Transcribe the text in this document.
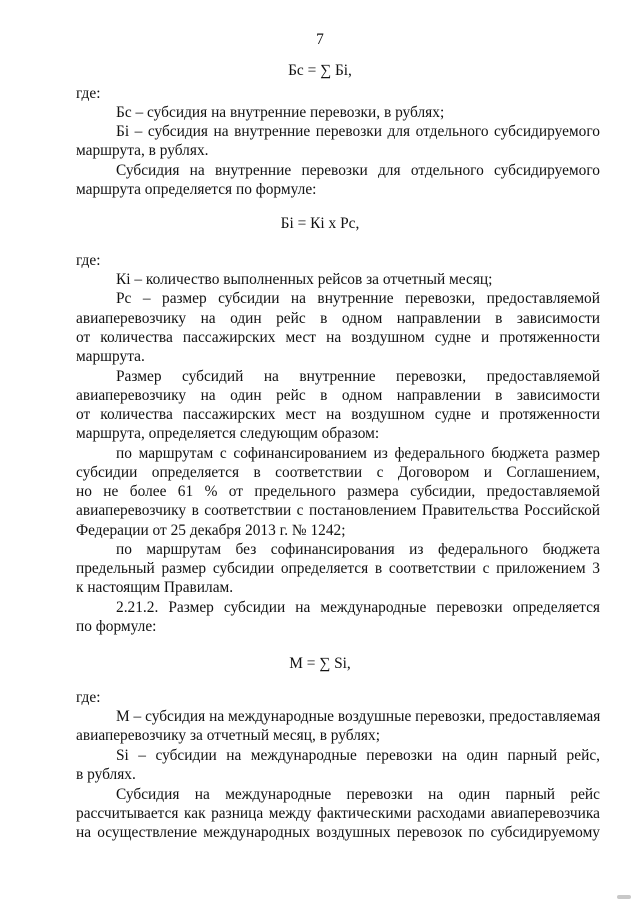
7
Бс = ∑ Бi,
где:
Бс – субсидия на внутренние перевозки, в рублях;
Бi – субсидия на внутренние перевозки для отдельного субсидируемого
маршрута, в рублях.
Субсидия на внутренние перевозки для отдельного субсидируемого
маршрута определяется по формуле:
Бi = Кi х Рс,
где:
Кi – количество выполненных рейсов за отчетный месяц;
Рс – размер субсидии на внутренние перевозки, предоставляемой
авиаперевозчику на один рейс в одном направлении в зависимости
от количества пассажирских мест на воздушном судне и протяженности
маршрута.
Размер субсидий на внутренние перевозки, предоставляемой
авиаперевозчику на один рейс в одном направлении в зависимости
от количества пассажирских мест на воздушном судне и протяженности
маршрута, определяется следующим образом:
по маршрутам с софинансированием из федерального бюджета размер
субсидии определяется в соответствии с Договором и Соглашением,
но не более 61 % от предельного размера субсидии, предоставляемой
авиаперевозчику в соответствии с постановлением Правительства Российской
Федерации от 25 декабря 2013 г. № 1242;
по маршрутам без софинансирования из федерального бюджета
предельный размер субсидии определяется в соответствии с приложением 3
к настоящим Правилам.
2.21.2. Размер субсидии на международные перевозки определяется
по формуле:
М = ∑ Si,
где:
М – субсидия на международные воздушные перевозки, предоставляемая
авиаперевозчику за отчетный месяц, в рублях;
Si – субсидии на международные перевозки на один парный рейс,
в рублях.
Субсидия на международные перевозки на один парный рейс
рассчитывается как разница между фактическими расходами авиаперевозчика
на осуществление международных воздушных перевозок по субсидируемому
